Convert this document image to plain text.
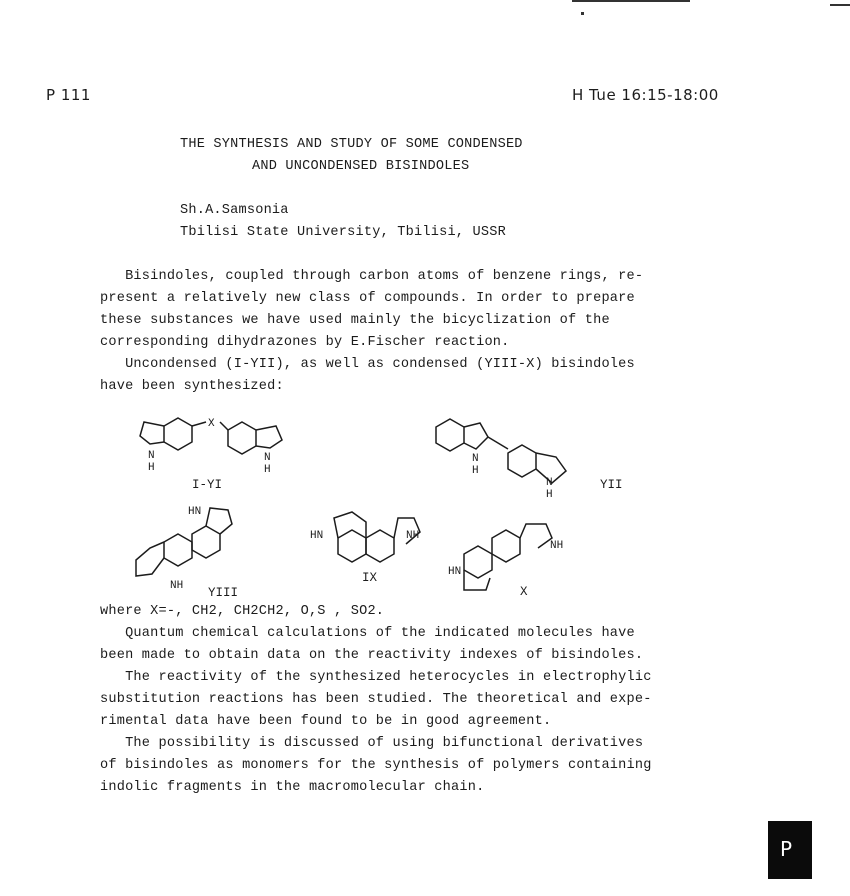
P 111	H Tue 16:15-18:00
THE SYNTHESIS AND STUDY OF SOME CONDENSED
AND UNCONDENSED BISINDOLES
Sh.A.Samsonia
Tbilisi State University, Tbilisi, USSR
Bisindoles, coupled through carbon atoms of benzene rings, re-
present a relatively new class of compounds. In order to prepare
these substances we have used mainly the bicyclization of the
corresponding dihydrazones by E.Fischer reaction.
Uncondensed (I-YII), as well as condensed (YIII-X) bisindoles
have been synthesized:
X
N
H
N
H
I-YI
N
H
N
H
YII
HN
NH YIII
HN	NH
IX
NH
HN
X
where X=-, CH2, CH2CH2, O,S , SO2.
Quantum chemical calculations of the indicated molecules have
been made to obtain data on the reactivity indexes of bisindoles.
The reactivity of the synthesized heterocycles in electrophylic
substitution reactions has been studied. The theoretical and expe-
rimental data have been found to be in good agreement.
The possibility is discussed of using bifunctional derivatives
of bisindoles as monomers for the synthesis of polymers containing
indolic fragments in the macromolecular chain.
P
